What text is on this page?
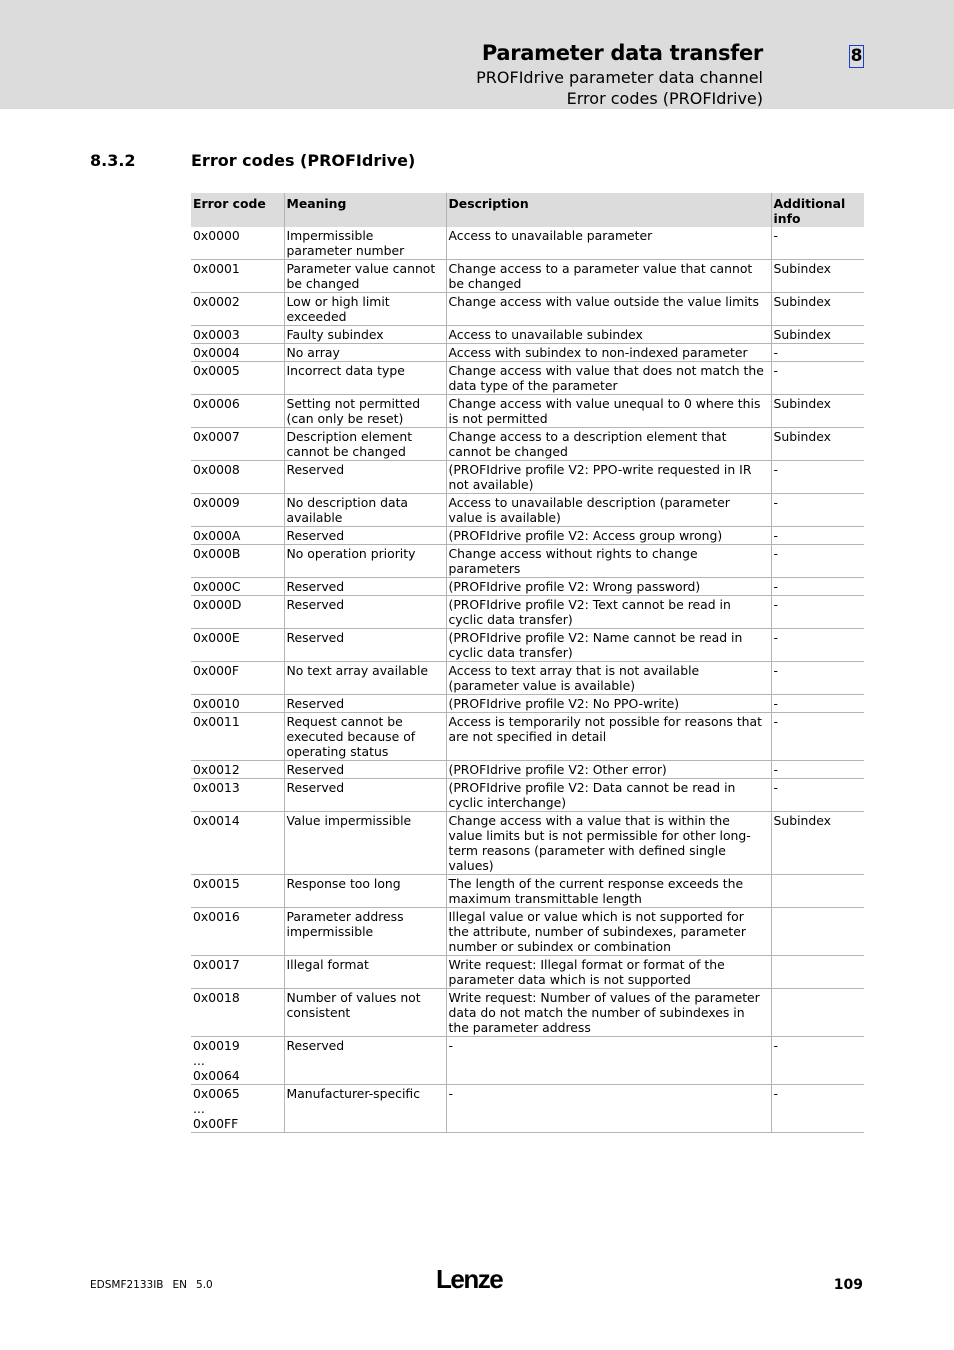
Parameter data transfer
PROFIdrive parameter data channel
Error codes (PROFIdrive)
8
8.3.2	Error codes (PROFIdrive)
Error code	Meaning	Description	Additional info
0x0000	Impermissible parameter number	Access to unavailable parameter	-
0x0001	Parameter value cannot be changed	Change access to a parameter value that cannot be changed	Subindex
0x0002	Low or high limit exceeded	Change access with value outside the value limits	Subindex
0x0003	Faulty subindex	Access to unavailable subindex	Subindex
0x0004	No array	Access with subindex to non-indexed parameter	-
0x0005	Incorrect data type	Change access with value that does not match the data type of the parameter	-
0x0006	Setting not permitted (can only be reset)	Change access with value unequal to 0 where this is not permitted	Subindex
0x0007	Description element cannot be changed	Change access to a description element that cannot be changed	Subindex
0x0008	Reserved	(PROFIdrive profile V2: PPO-write requested in IR not available)	-
0x0009	No description data available	Access to unavailable description (parameter value is available)	-
0x000A	Reserved	(PROFIdrive profile V2: Access group wrong)	-
0x000B	No operation priority	Change access without rights to change parameters	-
0x000C	Reserved	(PROFIdrive profile V2: Wrong password)	-
0x000D	Reserved	(PROFIdrive profile V2: Text cannot be read in cyclic data transfer)	-
0x000E	Reserved	(PROFIdrive profile V2: Name cannot be read in cyclic data transfer)	-
0x000F	No text array available	Access to text array that is not available (parameter value is available)	-
0x0010	Reserved	(PROFIdrive profile V2: No PPO-write)	-
0x0011	Request cannot be executed because of operating status	Access is temporarily not possible for reasons that are not specified in detail	-
0x0012	Reserved	(PROFIdrive profile V2: Other error)	-
0x0013	Reserved	(PROFIdrive profile V2: Data cannot be read in cyclic interchange)	-
0x0014	Value impermissible	Change access with a value that is within the value limits but is not permissible for other long-term reasons (parameter with defined single values)	Subindex
0x0015	Response too long	The length of the current response exceeds the maximum transmittable length	
0x0016	Parameter address impermissible	Illegal value or value which is not supported for the attribute, number of subindexes, parameter number or subindex or combination	
0x0017	Illegal format	Write request: Illegal format or format of the parameter data which is not supported	
0x0018	Number of values not consistent	Write request: Number of values of the parameter data do not match the number of subindexes in the parameter address	
0x0019
...
0x0064	Reserved	-	-
0x0065
...
0x00FF	Manufacturer-specific	-	-
EDSMF2133IB EN 5.0	Lenze	109
